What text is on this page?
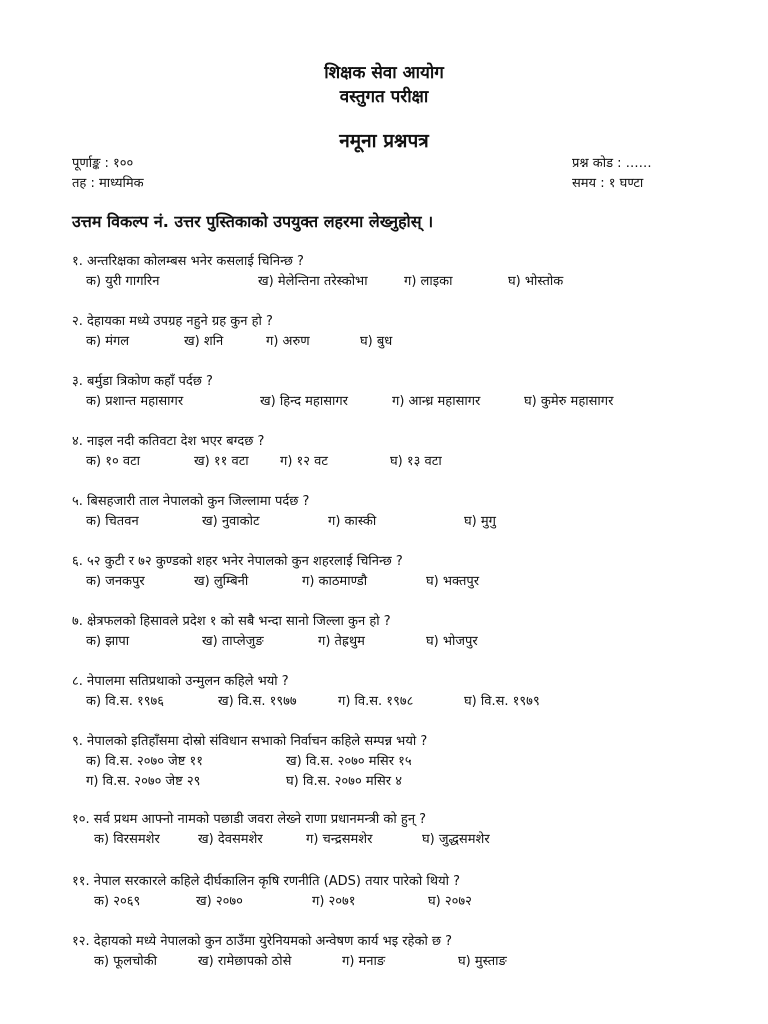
शिक्षक सेवा आयोग
वस्तुगत परीक्षा
नमूना प्रश्नपत्र
पूर्णाङ्क : १००
तह : माध्यमिक
प्रश्न कोड : ……
समय : १ घण्टा
उत्तम विकल्प नं. उत्तर पुस्तिकाको उपयुक्त लहरमा लेख्नुहोस् ।
१. अन्तरिक्षका कोलम्बस भनेर कसलाई चिनिन्छ ?
क) युरी गागरिन	ख) मेलेन्तिना तरेस्कोभा	ग) लाइका	घ) भोस्तोक
२. देहायका मध्ये उपग्रह नहुने ग्रह कुन हो ?
क) मंगल	ख) शनि	ग) अरुण	घ) बुध
३. बर्मुडा त्रिकोण कहाँ पर्दछ ?
क) प्रशान्त महासागर	ख) हिन्द महासागर	ग) आन्ध्र महासागर	घ) कुमेरु महासागर
४. नाइल नदी कतिवटा देश भएर बग्दछ ?
क) १० वटा	ख) ११ वटा ग) १२ वट	घ) १३ वटा
५. बिसहजारी ताल नेपालको कुन जिल्लामा पर्दछ ?
क) चितवन	ख) नुवाकोट	ग) कास्की	घ) मुगु
६. ५२ कुटी र ७२ कुण्डको शहर भनेर नेपालको कुन शहरलाई चिनिन्छ ?
क) जनकपुर	ख) लुम्बिनी	ग) काठमाण्डौ	घ) भक्तपुर
७. क्षेत्रफलको हिसावले प्रदेश १ को सबै भन्दा सानो जिल्ला कुन हो ?
क) झापा	ख) ताप्लेजुङ	ग) तेह्रथुम	घ) भोजपुर
८. नेपालमा सतिप्रथाको उन्मुलन कहिले भयो ?
क) वि.स. १९७६	ख) वि.स. १९७७	ग) वि.स. १९७८	घ) वि.स. १९७९
९. नेपालको इतिहाँसमा दोस्रो संविधान सभाको निर्वाचन कहिले सम्पन्न भयो ?
क) वि.स. २०७० जेष्ट ११	ख) वि.स. २०७० मसिर १५
ग) वि.स. २०७० जेष्ट २९	घ) वि.स. २०७० मसिर ४
१०. सर्व प्रथम आफ्नो नामको पछाडी जवरा लेख्ने राणा प्रधानमन्त्री को हुन् ?
क) विरसमशेर	ख) देवसमशेर	ग) चन्द्रसमशेर	घ) जुद्धसमशेर
११. नेपाल सरकारले कहिले दीर्घकालिन कृषि रणनीति (ADS) तयार पारेको थियो ?
क) २०६९	ख) २०७०	ग) २०७१	घ) २०७२
१२. देहायको मध्ये नेपालको कुन ठाउँमा युरेनियमको अन्वेषण कार्य भइ रहेको छ ?
क) फूलचोकी	ख) रामेछापको ठोसे	ग) मनाङ	घ) मुस्ताङ
